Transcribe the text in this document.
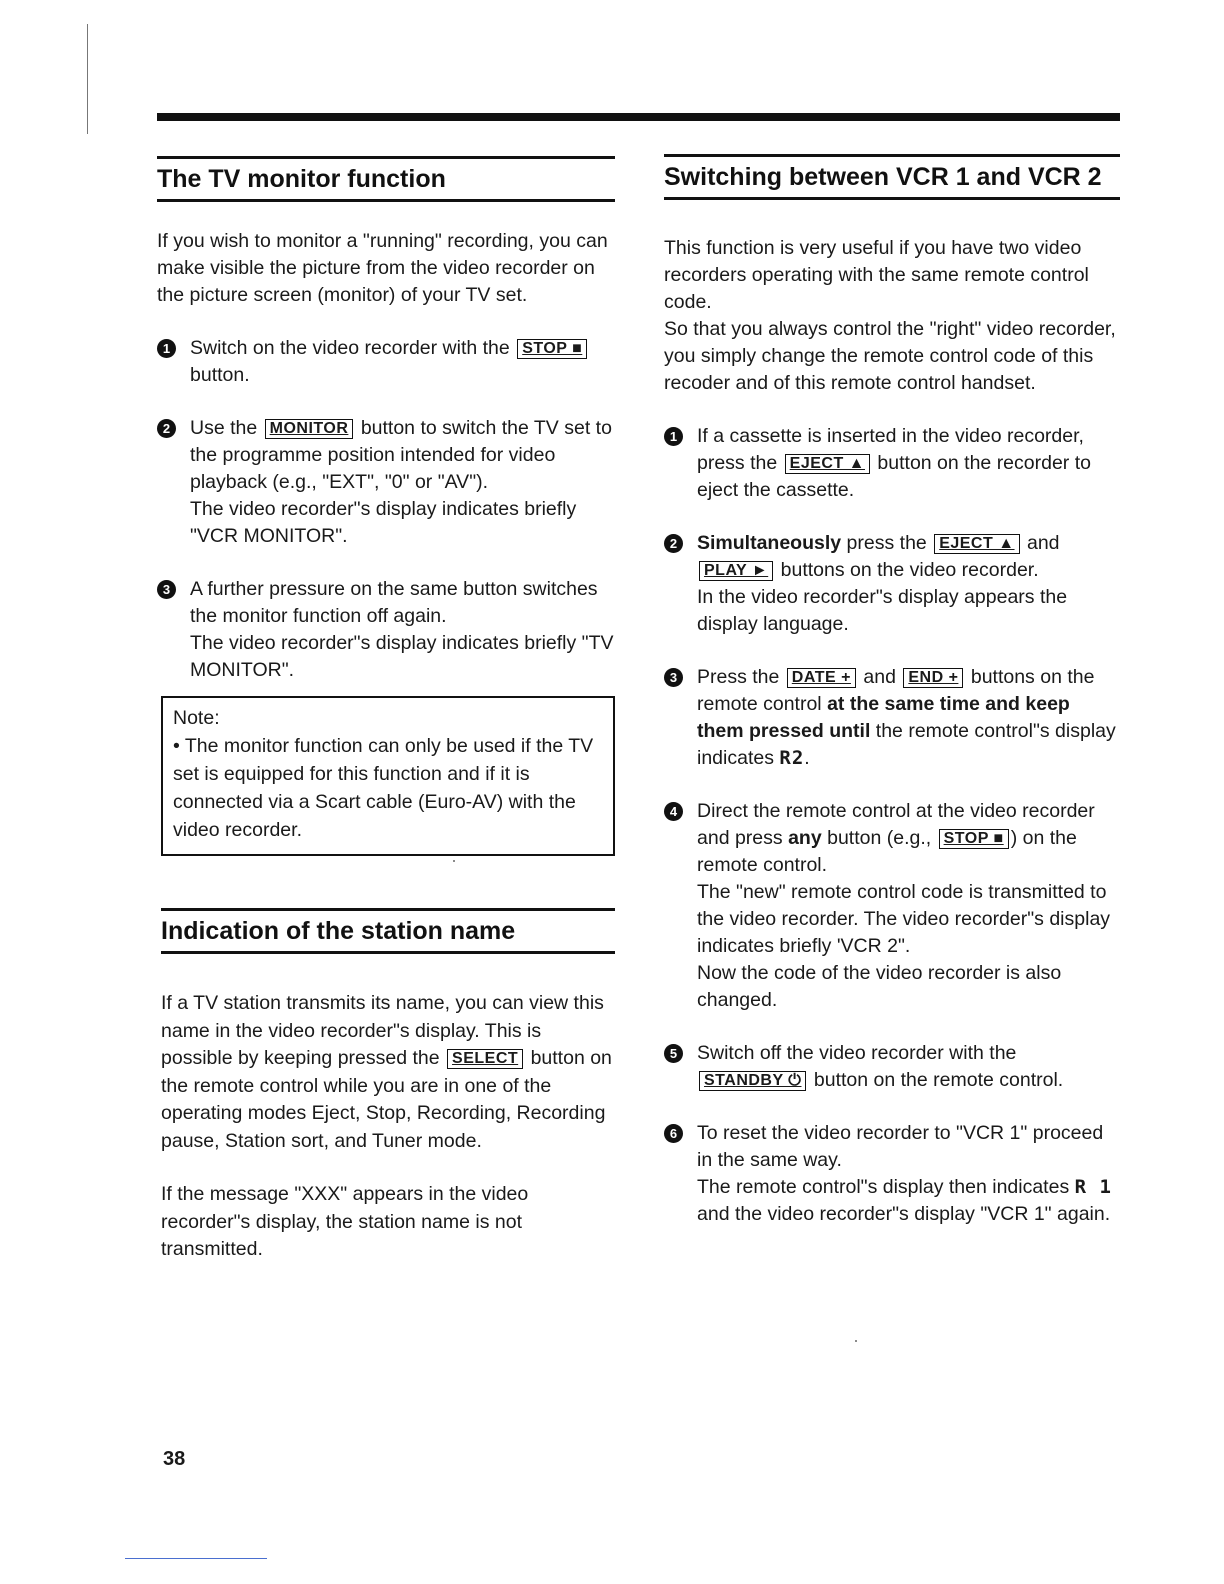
The TV monitor function

If you wish to monitor a "running" recording, you can make visible the picture from the video recorder on the picture screen (monitor) of your TV set.

1	Switch on the video recorder with the STOP ■ button.

2	Use the MONITOR button to switch the TV set to the programme position intended for video playback (e.g., "EXT", "0" or "AV").

The video recorder"s display indicates briefly "VCR MONITOR".

3	A further pressure on the same button switches the monitor function off again.

The video recorder"s display indicates briefly "TV MONITOR".

Note:

• The monitor function can only be used if the TV set is equipped for this function and if it is connected via a Scart cable (Euro-AV) with the video recorder.

Indication of the station name

If a TV station transmits its name, you can view this name in the video recorder"s display. This is possible by keeping pressed the SELECT button on the remote control while you are in one of the operating modes Eject, Stop, Recording, Recording pause, Station sort, and Tuner mode.

If the message "XXX" appears in the video recorder"s display, the station name is not transmitted.

Switching between VCR 1 and VCR 2

This function is very useful if you have two video recorders operating with the same remote control code.

So that you always control the "right" video recorder, you simply change the remote control code of this recoder and of this remote control handset.

1	If a cassette is inserted in the video recorder, press the EJECT ▲ button on the recorder to eject the cassette.

2	Simultaneously press the EJECT ▲ and PLAY ► buttons on the video recorder.

In the video recorder"s display appears the display language.

3	Press the DATE + and END + buttons on the remote control at the same time and keep them pressed until the remote control"s display indicates R2.

4	Direct the remote control at the video recorder and press any button (e.g., STOP ■ ) on the remote control.

The "new" remote control code is transmitted to the video recorder. The video recorder"s display indicates briefly 'VCR 2".

Now the code of the video recorder is also changed.

5	Switch off the video recorder with the STANDBY ⏻ button on the remote control.

6	To reset the video recorder to "VCR 1" proceed in the same way.

The remote control"s display then indicates R 1 and the video recorder"s display "VCR 1" again.

38
